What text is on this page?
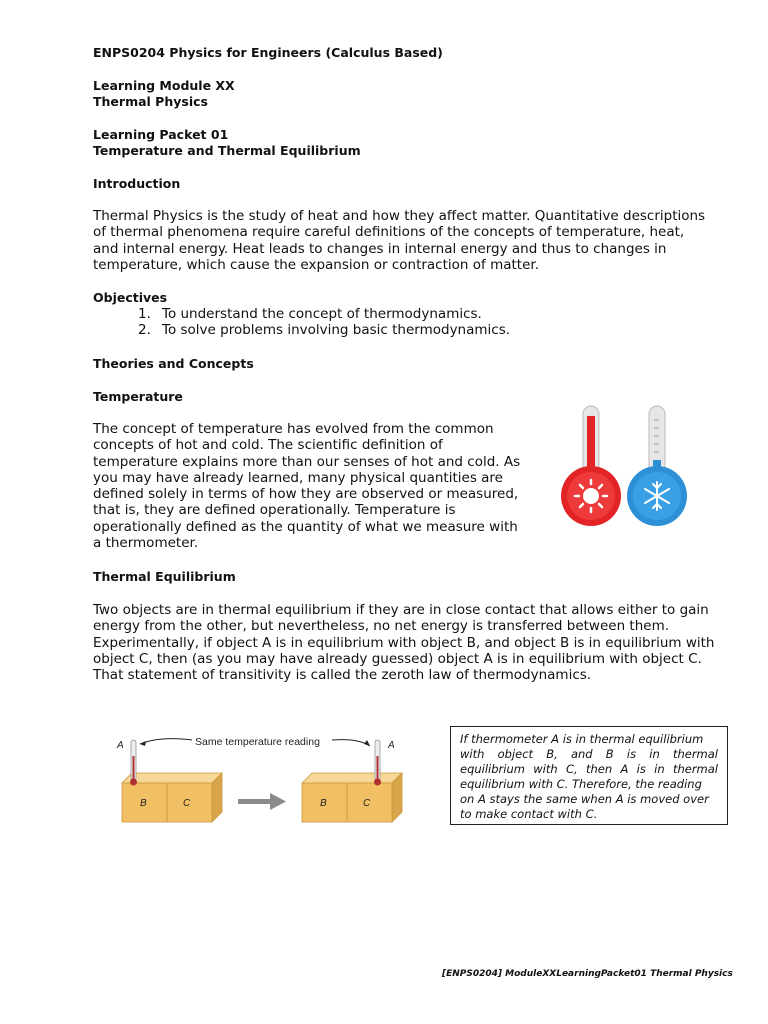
ENPS0204 Physics for Engineers (Calculus Based)
Learning Module XX
Thermal Physics
Learning Packet 01
Temperature and Thermal Equilibrium
Introduction
Thermal Physics is the study of heat and how they affect matter. Quantitative descriptions
of thermal phenomena require careful definitions of the concepts of temperature, heat,
and internal energy. Heat leads to changes in internal energy and thus to changes in
temperature, which cause the expansion or contraction of matter.
Objectives
1. To understand the concept of thermodynamics.
2. To solve problems involving basic thermodynamics.
Theories and Concepts
Temperature
The concept of temperature has evolved from the common
concepts of hot and cold. The scientific definition of
temperature explains more than our senses of hot and cold. As
you may have already learned, many physical quantities are
defined solely in terms of how they are observed or measured,
that is, they are defined operationally. Temperature is
operationally defined as the quantity of what we measure with
a thermometer.
Thermal Equilibrium
Two objects are in thermal equilibrium if they are in close contact that allows either to gain
energy from the other, but nevertheless, no net energy is transferred between them.
Experimentally, if object A is in equilibrium with object B, and object B is in equilibrium with
object C, then (as you may have already guessed) object A is in equilibrium with object C.
That statement of transitivity is called the zeroth law of thermodynamics.
Same temperature reading
A	A
B	C	B	C
If thermometer A is in thermal equilibrium
with object B, and B is in thermal
equilibrium with C, then A is in thermal
equilibrium with C. Therefore, the reading
on A stays the same when A is moved over
to make contact with C.
[ENPS0204] ModuleXXLearningPacket01 Thermal Physics
